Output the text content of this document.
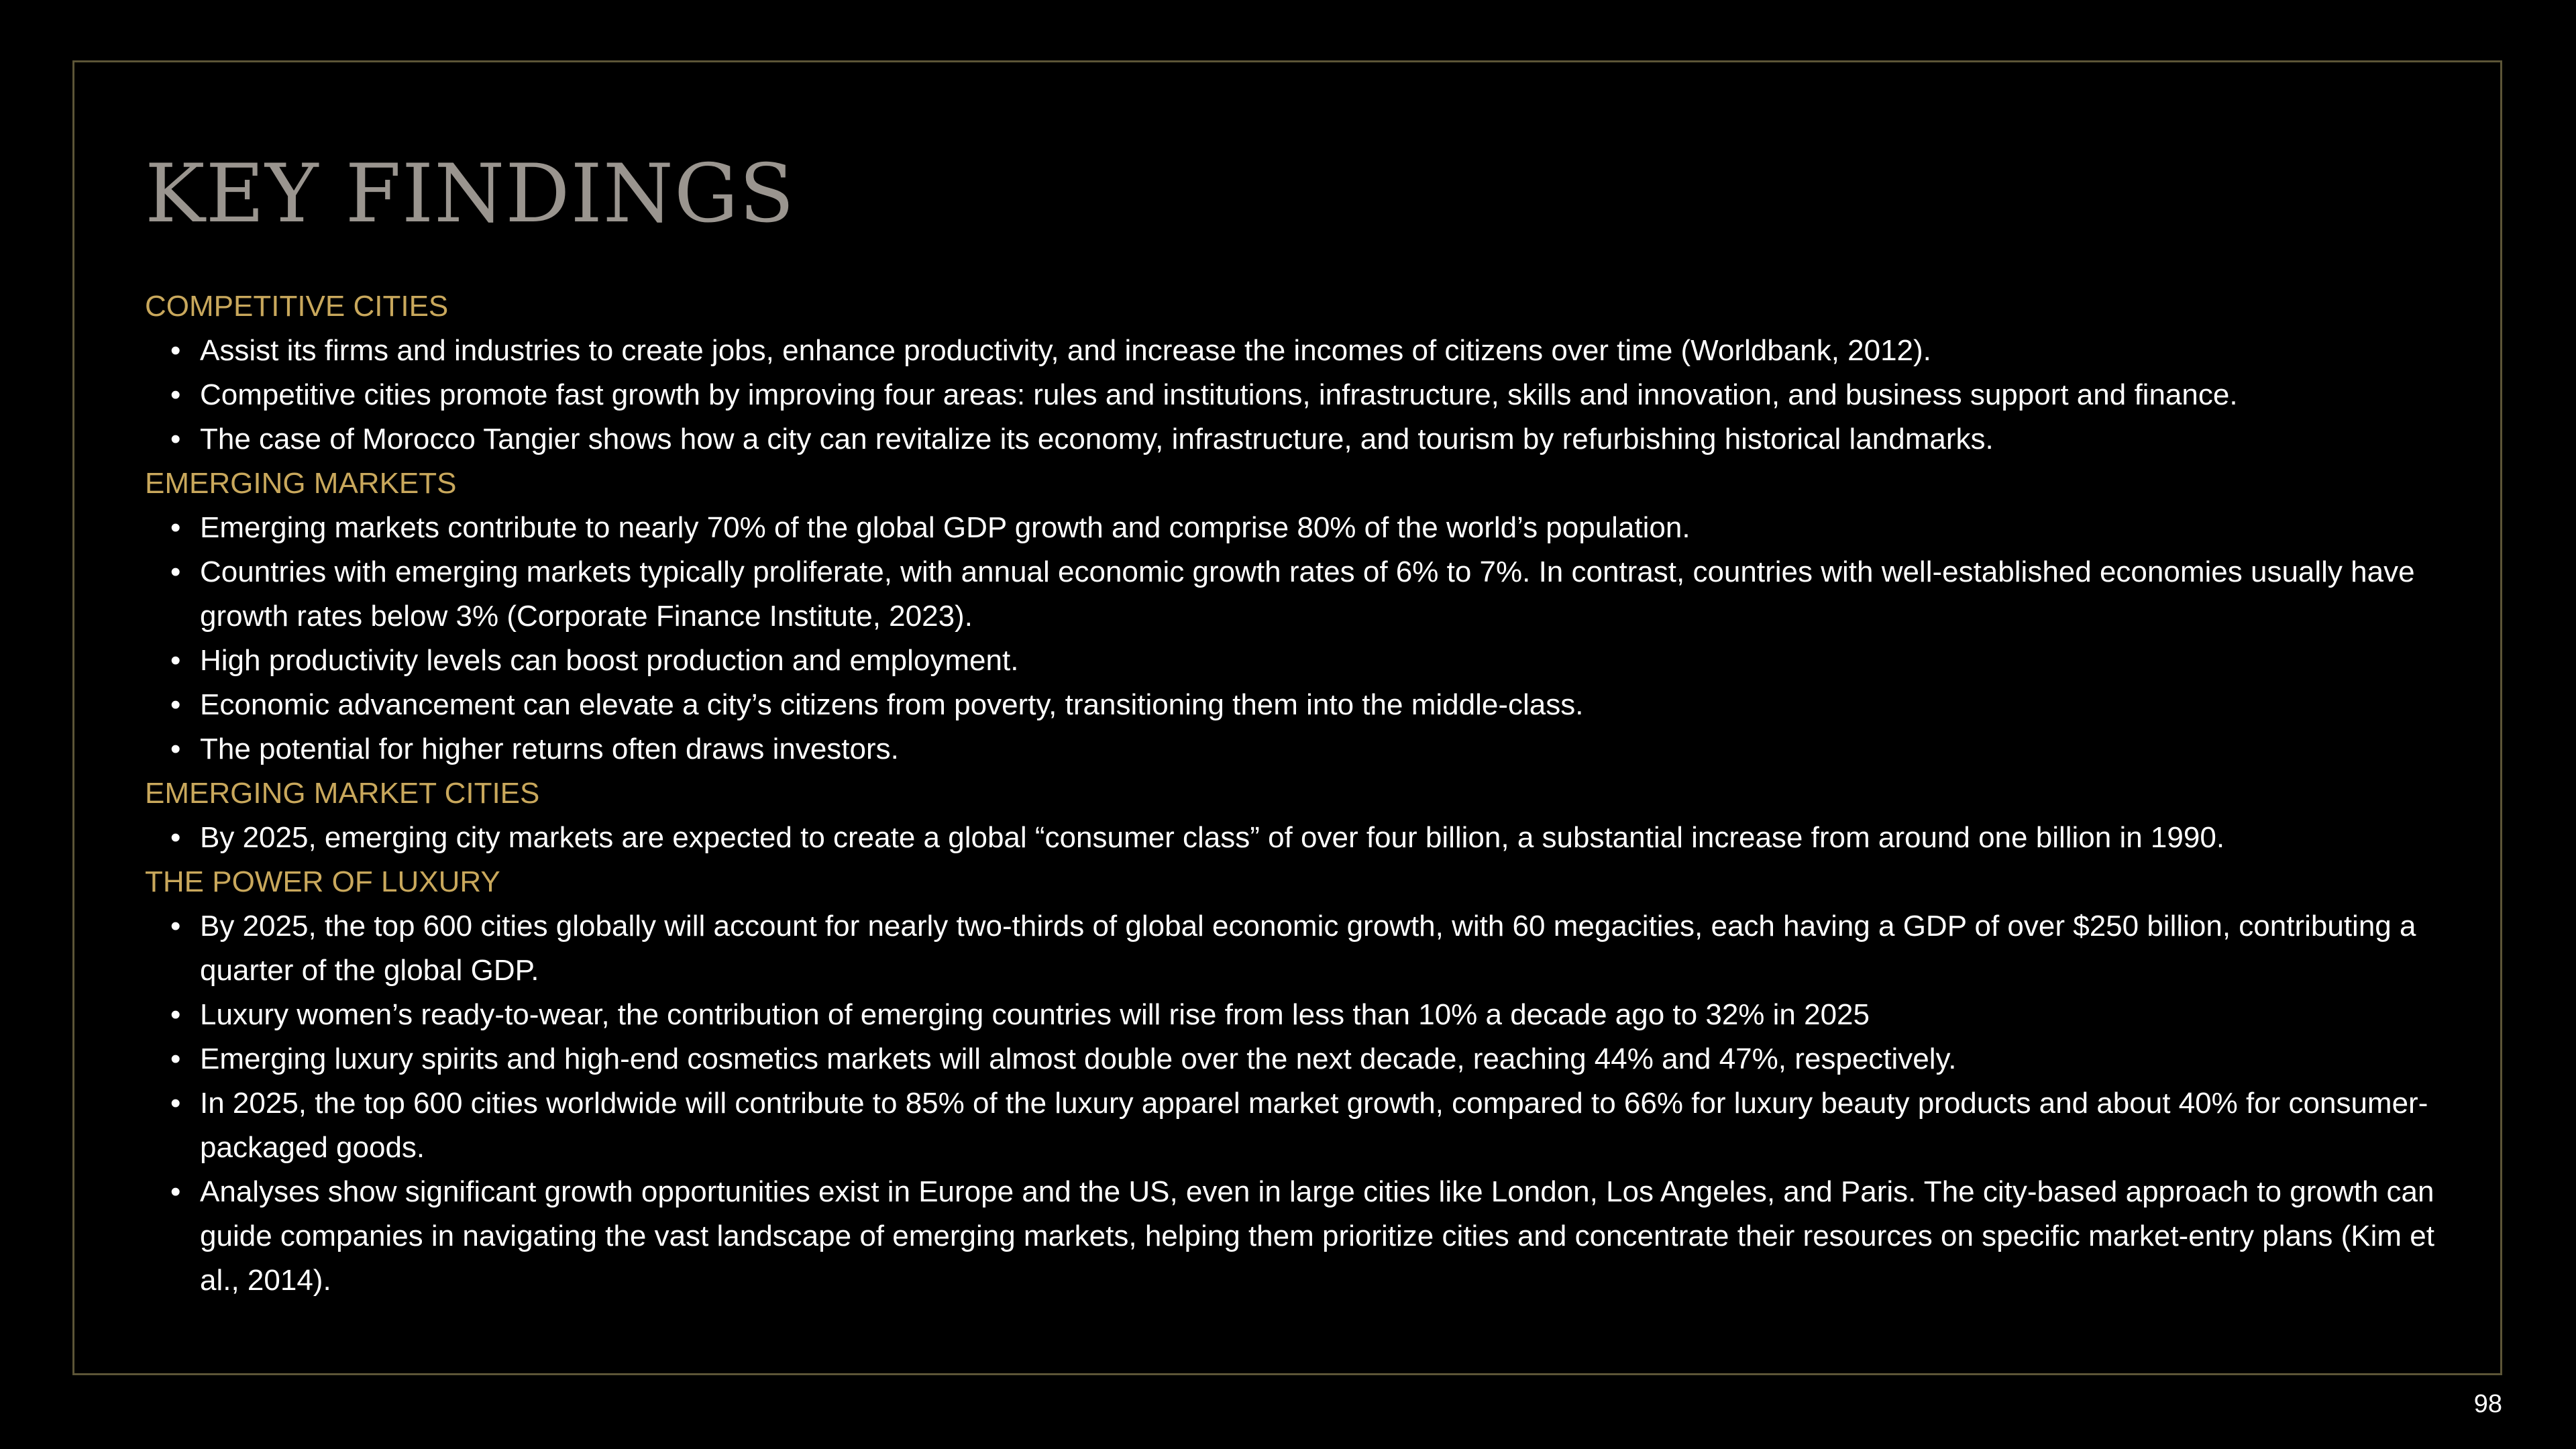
KEY FINDINGS
COMPETITIVE CITIES
• Assist its firms and industries to create jobs, enhance productivity, and increase the incomes of citizens over time (Worldbank, 2012).
• Competitive cities promote fast growth by improving four areas: rules and institutions, infrastructure, skills and innovation, and business support and finance.
• The case of Morocco Tangier shows how a city can revitalize its economy, infrastructure, and tourism by refurbishing historical landmarks.
EMERGING MARKETS
• Emerging markets contribute to nearly 70% of the global GDP growth and comprise 80% of the world’s population.
• Countries with emerging markets typically proliferate, with annual economic growth rates of 6% to 7%. In contrast, countries with well-established economies usually have growth rates below 3% (Corporate Finance Institute, 2023).
• High productivity levels can boost production and employment.
• Economic advancement can elevate a city’s citizens from poverty, transitioning them into the middle-class.
• The potential for higher returns often draws investors.
EMERGING MARKET CITIES
• By 2025, emerging city markets are expected to create a global “consumer class” of over four billion, a substantial increase from around one billion in 1990.
THE POWER OF LUXURY
• By 2025, the top 600 cities globally will account for nearly two-thirds of global economic growth, with 60 megacities, each having a GDP of over $250 billion, contributing a quarter of the global GDP.
• Luxury women’s ready-to-wear, the contribution of emerging countries will rise from less than 10% a decade ago to 32% in 2025
• Emerging luxury spirits and high-end cosmetics markets will almost double over the next decade, reaching 44% and 47%, respectively.
• In 2025, the top 600 cities worldwide will contribute to 85% of the luxury apparel market growth, compared to 66% for luxury beauty products and about 40% for consumer-packaged goods.
• Analyses show significant growth opportunities exist in Europe and the US, even in large cities like London, Los Angeles, and Paris. The city-based approach to growth can guide companies in navigating the vast landscape of emerging markets, helping them prioritize cities and concentrate their resources on specific market-entry plans (Kim et al., 2014).
98
